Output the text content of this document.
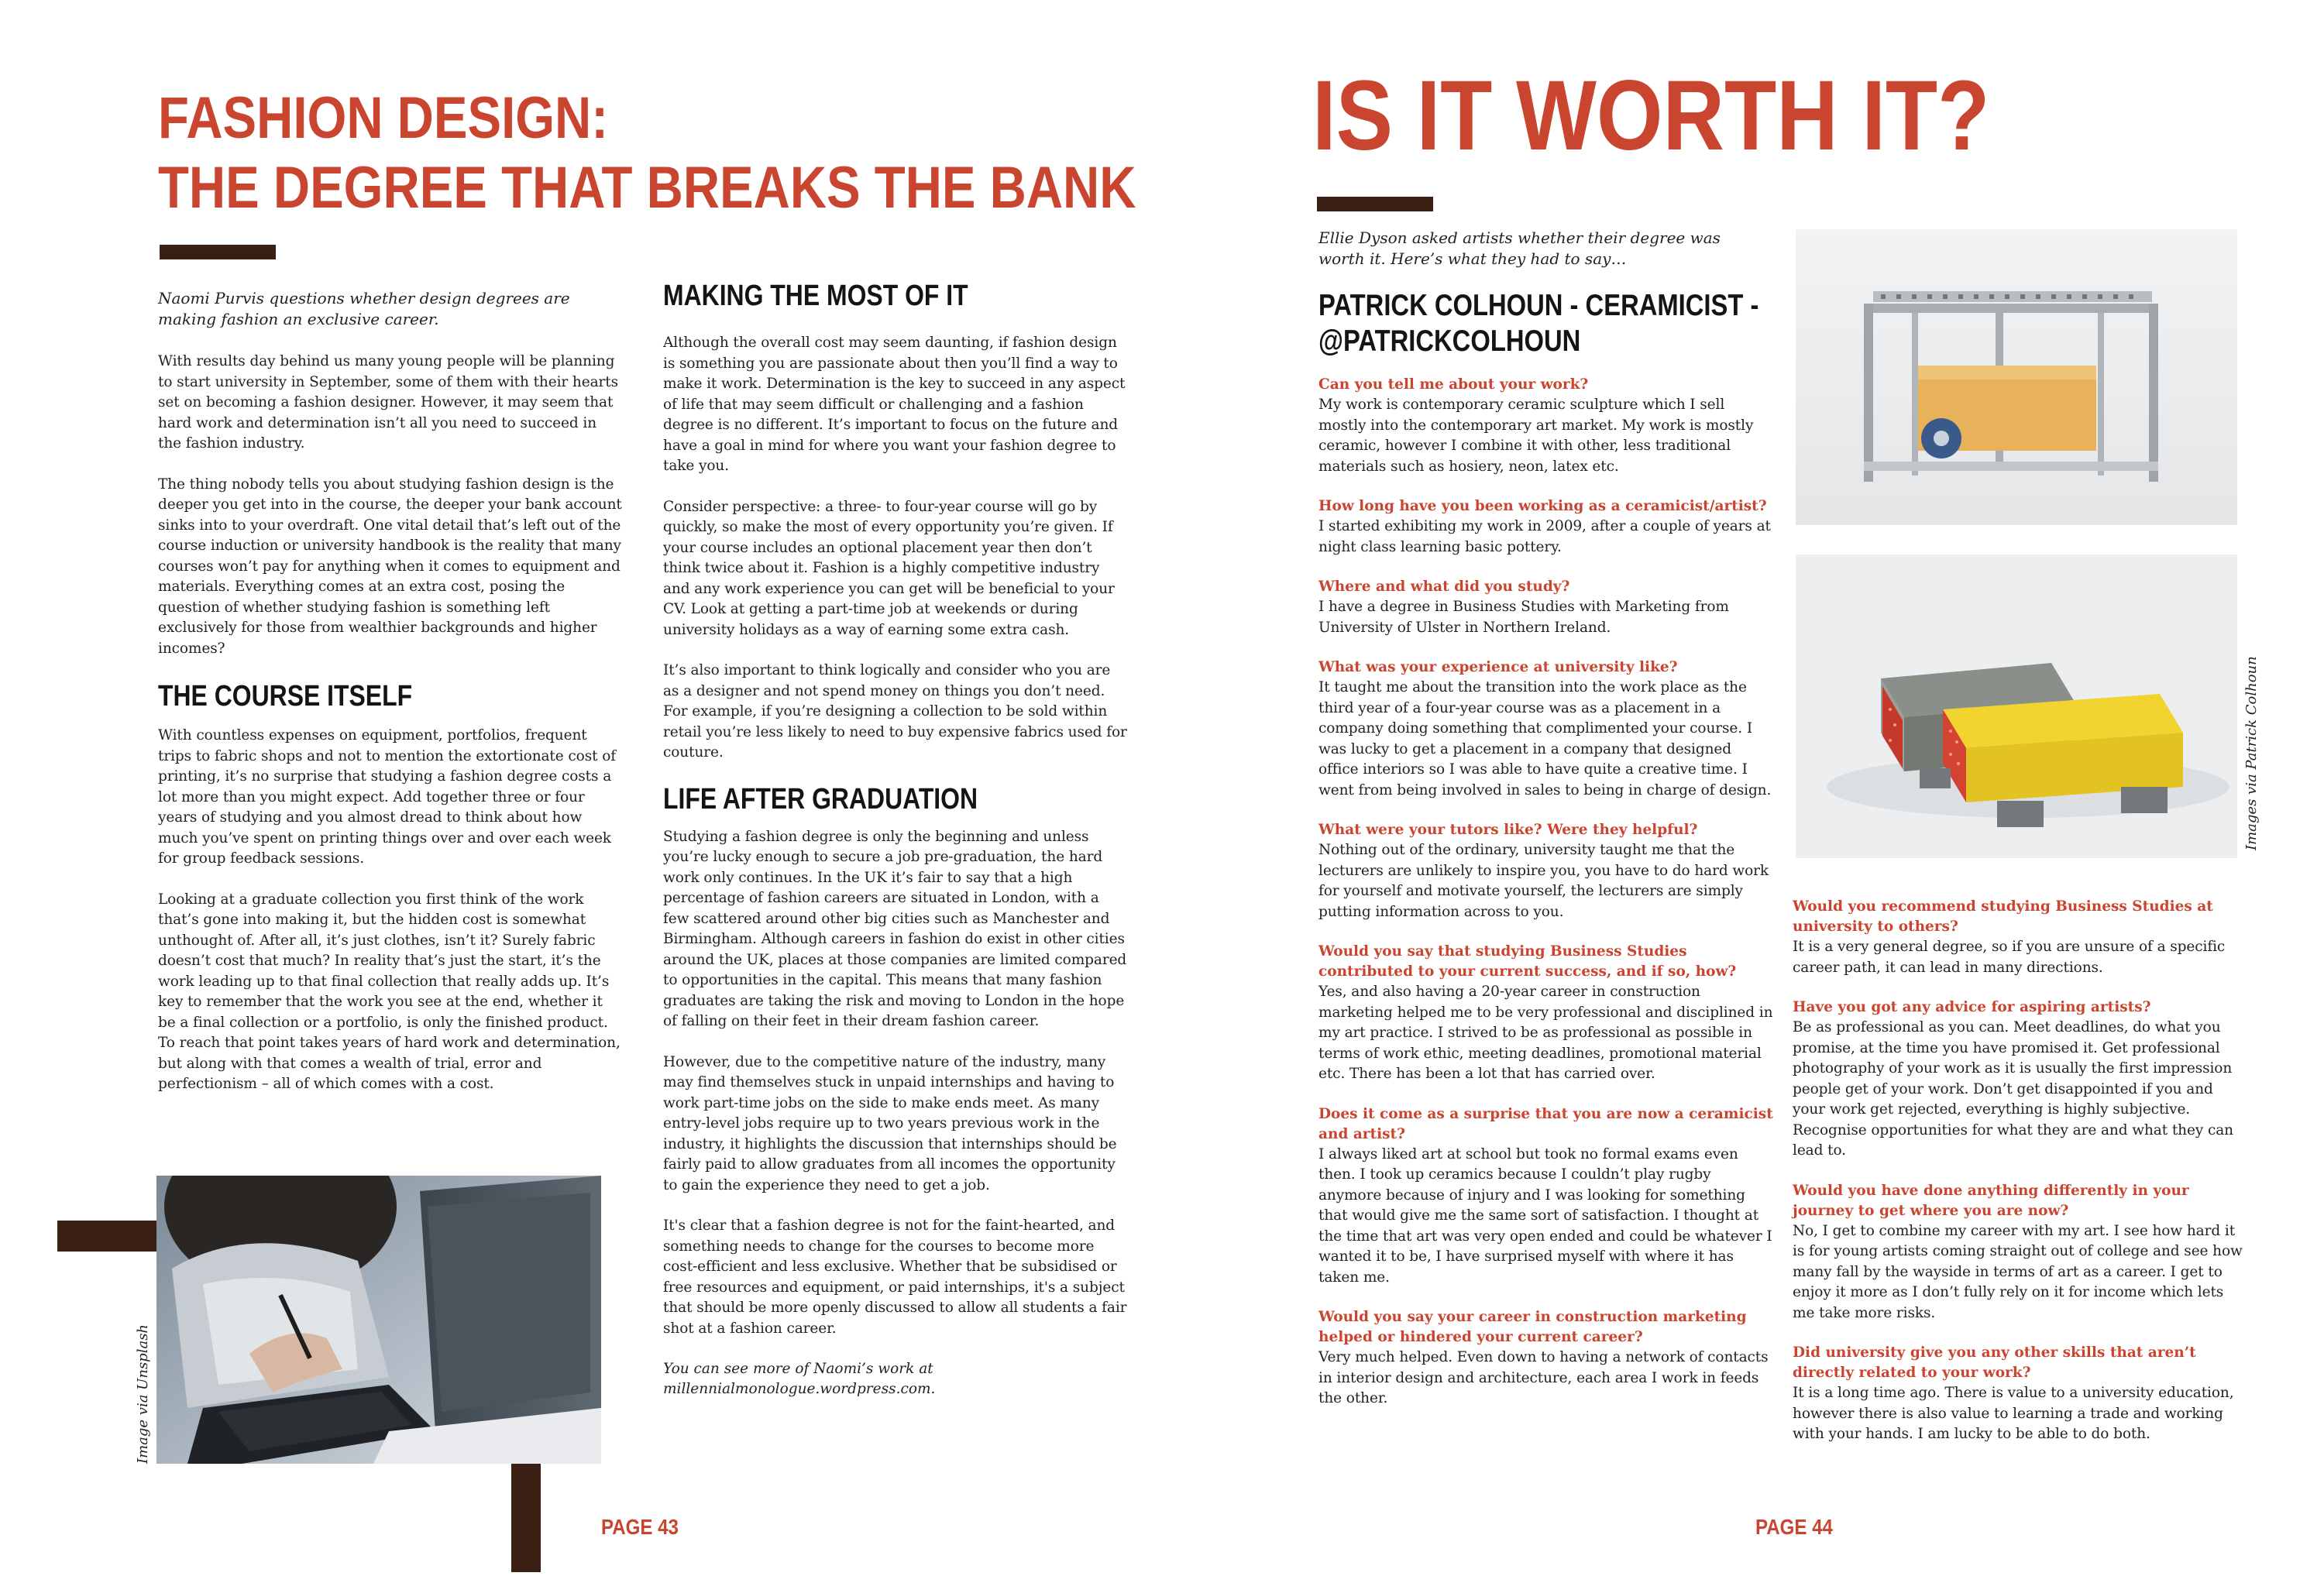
FASHION DESIGN:
THE DEGREE THAT BREAKS THE BANK

Naomi Purvis questions whether design degrees are making fashion an exclusive career.

With results day behind us many young people will be planning to start university in September, some of them with their hearts set on becoming a fashion designer. However, it may seem that hard work and determination isn’t all you need to succeed in the fashion industry.

The thing nobody tells you about studying fashion design is the deeper you get into in the course, the deeper your bank account sinks into to your overdraft. One vital detail that’s left out of the course induction or university handbook is the reality that many courses won’t pay for anything when it comes to equipment and materials. Everything comes at an extra cost, posing the question of whether studying fashion is something left exclusively for those from wealthier backgrounds and higher incomes?

THE COURSE ITSELF

With countless expenses on equipment, portfolios, frequent trips to fabric shops and not to mention the extortionate cost of printing, it’s no surprise that studying a fashion degree costs a lot more than you might expect. Add together three or four years of studying and you almost dread to think about how much you’ve spent on printing things over and over each week for group feedback sessions.

Looking at a graduate collection you first think of the work that’s gone into making it, but the hidden cost is somewhat unthought of. After all, it’s just clothes, isn’t it? Surely fabric doesn’t cost that much? In reality that’s just the start, it’s the work leading up to that final collection that really adds up. It’s key to remember that the work you see at the end, whether it be a final collection or a portfolio, is only the finished product. To reach that point takes years of hard work and determination, but along with that comes a wealth of trial, error and perfectionism – all of which comes with a cost.

MAKING THE MOST OF IT

Although the overall cost may seem daunting, if fashion design is something you are passionate about then you’ll find a way to make it work. Determination is the key to succeed in any aspect of life that may seem difficult or challenging and a fashion degree is no different. It’s important to focus on the future and have a goal in mind for where you want your fashion degree to take you.

Consider perspective: a three- to four-year course will go by quickly, so make the most of every opportunity you’re given. If your course includes an optional placement year then don’t think twice about it. Fashion is a highly competitive industry and any work experience you can get will be beneficial to your CV. Look at getting a part-time job at weekends or during university holidays as a way of earning some extra cash.

It’s also important to think logically and consider who you are as a designer and not spend money on things you don’t need. For example, if you’re designing a collection to be sold within retail you’re less likely to need to buy expensive fabrics used for couture.

LIFE AFTER GRADUATION

Studying a fashion degree is only the beginning and unless you’re lucky enough to secure a job pre-graduation, the hard work only continues. In the UK it’s fair to say that a high percentage of fashion careers are situated in London, with a few scattered around other big cities such as Manchester and Birmingham. Although careers in fashion do exist in other cities around the UK, places at those companies are limited compared to opportunities in the capital. This means that many fashion graduates are taking the risk and moving to London in the hope of falling on their feet in their dream fashion career.

However, due to the competitive nature of the industry, many may find themselves stuck in unpaid internships and having to work part-time jobs on the side to make ends meet. As many entry-level jobs require up to two years previous work in the industry, it highlights the discussion that internships should be fairly paid to allow graduates from all incomes the opportunity to gain the experience they need to get a job.

It's clear that a fashion degree is not for the faint-hearted, and something needs to change for the courses to become more cost-efficient and less exclusive. Whether that be subsidised or free resources and equipment, or paid internships, it's a subject that should be more openly discussed to allow all students a fair shot at a fashion career.

You can see more of Naomi’s work at millennialmonologue.wordpress.com.

Image via Unsplash
PAGE 43
IS IT WORTH IT?

Ellie Dyson asked artists whether their degree was worth it. Here’s what they had to say…

PATRICK COLHOUN - CERAMICIST -
@PATRICKCOLHOUN

Can you tell me about your work?

My work is contemporary ceramic sculpture which I sell mostly into the contemporary art market. My work is mostly ceramic, however I combine it with other, less traditional materials such as hosiery, neon, latex etc.

How long have you been working as a ceramicist/artist?

I started exhibiting my work in 2009, after a couple of years at night class learning basic pottery.

Where and what did you study?

I have a degree in Business Studies with Marketing from University of Ulster in Northern Ireland.

What was your experience at university like?

It taught me about the transition into the work place as the third year of a four-year course was as a placement in a company doing something that complimented your course. I was lucky to get a placement in a company that designed office interiors so I was able to have quite a creative time. I went from being involved in sales to being in charge of design.

What were your tutors like? Were they helpful?

Nothing out of the ordinary, university taught me that the lecturers are unlikely to inspire you, you have to do hard work for yourself and motivate yourself, the lecturers are simply putting information across to you.

Would you say that studying Business Studies contributed to your current success, and if so, how?

Yes, and also having a 20-year career in construction marketing helped me to be very professional and disciplined in my art practice. I strived to be as professional as possible in terms of work ethic, meeting deadlines, promotional material etc. There has been a lot that has carried over.

Does it come as a surprise that you are now a ceramicist and artist?

I always liked art at school but took no formal exams even then. I took up ceramics because I couldn’t play rugby anymore because of injury and I was looking for something that would give me the same sort of satisfaction. I thought at the time that art was very open ended and could be whatever I wanted it to be, I have surprised myself with where it has taken me.

Would you say your career in construction marketing helped or hindered your current career?

Very much helped. Even down to having a network of contacts in interior design and architecture, each area I work in feeds the other.

Images via Patrick Colhoun

Would you recommend studying Business Studies at university to others?

It is a very general degree, so if you are unsure of a specific career path, it can lead in many directions.

Have you got any advice for aspiring artists?

Be as professional as you can. Meet deadlines, do what you promise, at the time you have promised it. Get professional photography of your work as it is usually the first impression people get of your work. Don’t get disappointed if you and your work get rejected, everything is highly subjective. Recognise opportunities for what they are and what they can lead to.

Would you have done anything differently in your journey to get where you are now?

No, I get to combine my career with my art. I see how hard it is for young artists coming straight out of college and see how many fall by the wayside in terms of art as a career. I get to enjoy it more as I don’t fully rely on it for income which lets me take more risks.

Did university give you any other skills that aren’t directly related to your work?

It is a long time ago. There is value to a university education, however there is also value to learning a trade and working with your hands. I am lucky to be able to do both.

PAGE 44
